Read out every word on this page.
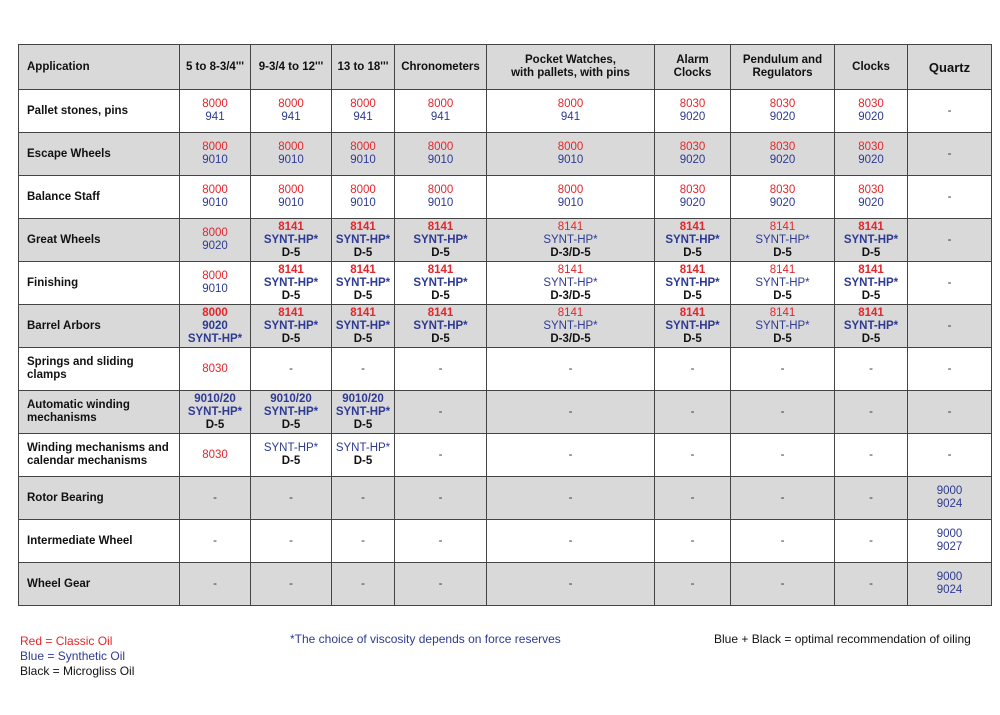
Application	5 to 8-3/4'''	9-3/4 to 12'''	13 to 18'''	Chronometers	Pocket Watches,
with pallets, with pins	Alarm Clocks	Pendulum and
Regulators	Clocks	Quartz
Pallet stones, pins	8000
941	8000
941	8000
941	8000
941	8000
941	8030
9020	8030
9020	8030
9020	-

Escape Wheels	8000
9010	8000
9010	8000
9010	8000
9010	8000
9010	8030
9020	8030
9020	8030
9020	-

Balance Staff	8000
9010	8000
9010	8000
9010	8000
9010	8000
9010	8030
9020	8030
9020	8030
9020	-

Great Wheels	8000
9020	8141
SYNT-HP*
D-5	8141
SYNT-HP*
D-5	8141
SYNT-HP*
D-5	8141
SYNT-HP*
D-3/D-5	8141
SYNT-HP*
D-5	8141
SYNT-HP*
D-5	8141
SYNT-HP*
D-5	-

Finishing	8000
9010	8141
SYNT-HP*
D-5	8141
SYNT-HP*
D-5	8141
SYNT-HP*
D-5	8141
SYNT-HP*
D-3/D-5	8141
SYNT-HP*
D-5	8141
SYNT-HP*
D-5	8141
SYNT-HP*
D-5	-

Barrel Arbors	8000
9020
SYNT-HP*	8141
SYNT-HP*
D-5	8141
SYNT-HP*
D-5	8141
SYNT-HP*
D-5	8141
SYNT-HP*
D-3/D-5	8141
SYNT-HP*
D-5	8141
SYNT-HP*
D-5	8141
SYNT-HP*
D-5	-

Springs and sliding clamps	8030	-	-	-	-	-	-	-	-

Automatic winding mechanisms	9010/20
SYNT-HP*
D-5	9010/20
SYNT-HP*
D-5	9010/20
SYNT-HP*
D-5	-	-	-	-	-	-

Winding mechanisms and calendar mechanisms	8030	SYNT-HP*
D-5	SYNT-HP*
D-5	-	-	-	-	-	-

Rotor Bearing	-	-	-	-	-	-	-	-	9000
9024

Intermediate Wheel	-	-	-	-	-	-	-	-	9000
9027

Wheel Gear	-	-	-	-	-	-	-	-	9000
9024
Red = Classic Oil
Blue = Synthetic Oil
Black = Microgliss Oil
*The choice of viscosity depends on force reserves	Blue + Black = optimal recommendation of oiling
